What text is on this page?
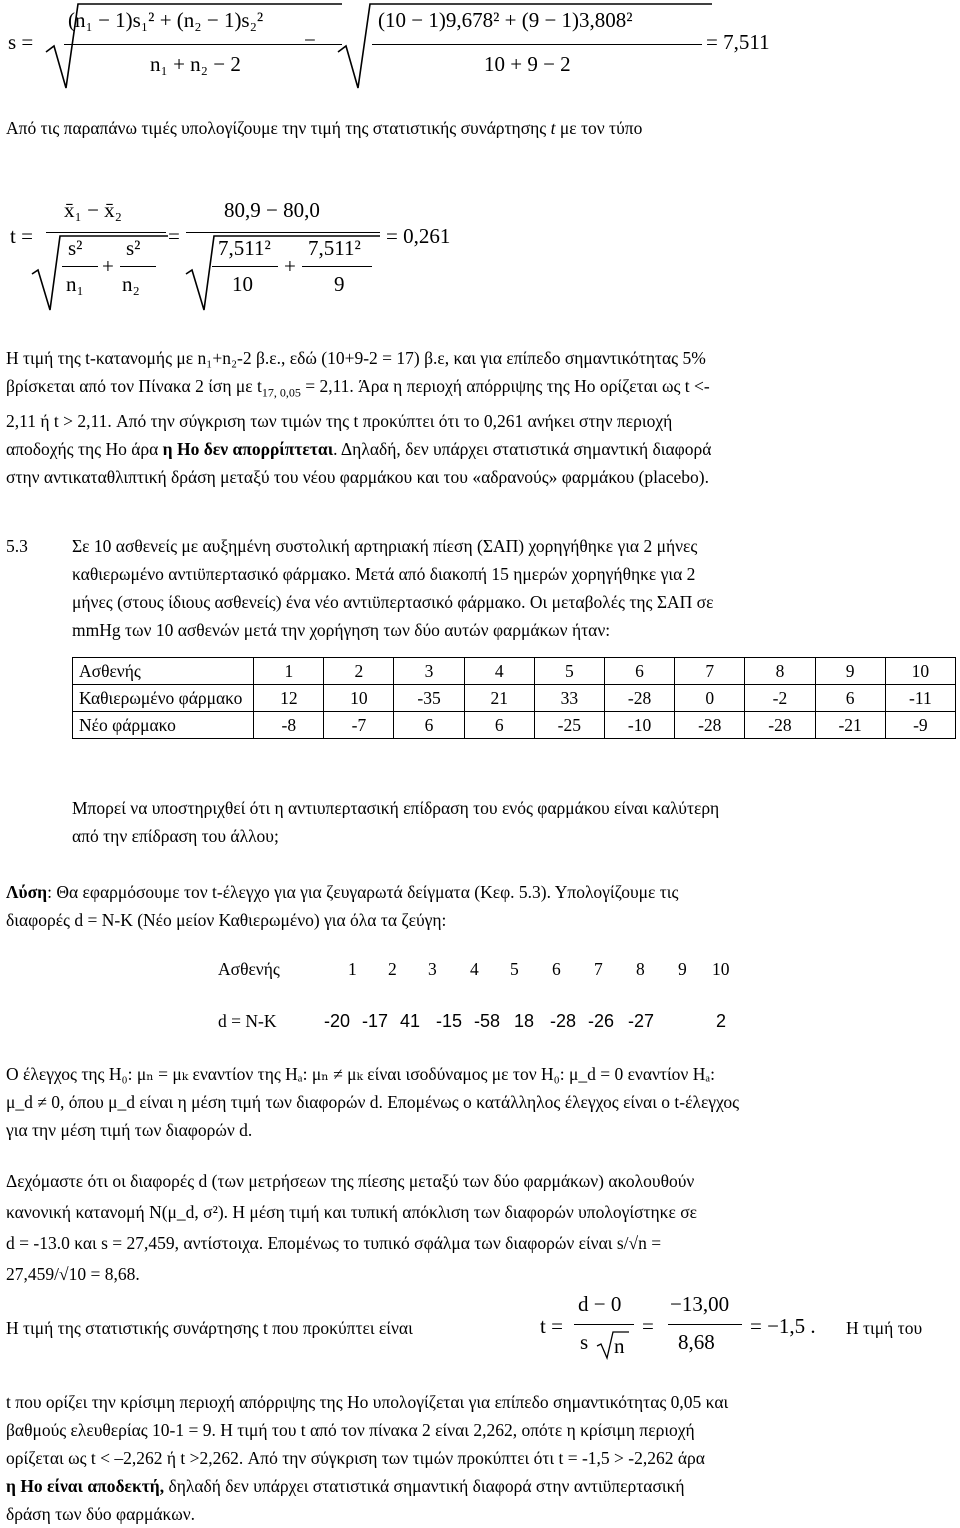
s =
(n₁ − 1)s₁² + (n₂ − 1)s₂²
n₁ + n₂ − 2
=
(10 − 1)9,678² + (9 − 1)3,808²
10 + 9 − 2
= 7,511
Από τις παραπάνω τιμές υπολογίζουμε την τιμή της στατιστικής συνάρτησης t με τον τύπο
t =
x̄₁ − x̄₂
s²
n₁
+
s²
n₂
=
80,9 − 80,0
7,511²
10
+
7,511²
9
= 0,261
Η τιμή της t-κατανομής με n₁+n₂-2 β.ε., εδώ (10+9-2 = 17) β.ε, και για επίπεδο σημαντικότητας 5%
βρίσκεται από τον Πίνακα 2 ίση με $t_{17, 0,05} = 2,11$. Άρα η περιοχή απόρριψης της Ho ορίζεται ως t <-
2,11 ή t > 2,11. Από την σύγκριση των τιμών της t προκύπτει ότι το 0,261 ανήκει στην περιοχή
αποδοχής της Ho άρα η Ho δεν απορρίπτεται. Δηλαδή, δεν υπάρχει στατιστικά σημαντική διαφορά
στην αντικαταθλιπτική δράση μεταξύ του νέου φαρμάκου και του «αδρανούς» φαρμάκου (placebo).
5.3	Σε 10 ασθενείς με αυξημένη συστολική αρτηριακή πίεση (ΣΑΠ) χορηγήθηκε για 2 μήνες
καθιερωμένο αντιϋπερτασικό φάρμακο. Μετά από διακοπή 15 ημερών χορηγήθηκε για 2
μήνες (στους ίδιους ασθενείς) ένα νέο αντιϋπερτασικό φάρμακο. Οι μεταβολές της ΣΑΠ σε
mmHg των 10 ασθενών μετά την χορήγηση των δύο αυτών φαρμάκων ήταν:
Ασθενής	1	2	3	4	5	6	7	8	9	10
Καθιερωμένο φάρμακο	12	10	-35	21	33	-28	0	-2	6	-11
Νέο φάρμακο	-8	-7	6	6	-25	-10	-28	-28	-21	-9
Μπορεί να υποστηριχθεί ότι η αντιυπερτασική επίδραση του ενός φαρμάκου είναι καλύτερη
από την επίδραση του άλλου;
Λύση: Θα εφαρμόσουμε τον t-έλεγχο για για ζευγαρωτά δείγματα (Κεφ. 5.3). Υπολογίζουμε τις
διαφορές d = N-K (Νέο μείον Καθιερωμένο) για όλα τα ζεύγη:
Ασθενής	1 2 3 4 5 6 7 8 9 10
d = N-K	-20 -17 41 -15 -58 18 -28 -26 -27	2
Ο έλεγχος της H₀: μₙ = μₖ εναντίον της Hₐ: μₙ ≠ μₖ είναι ισοδύναμος με τον H₀: μ_d = 0 εναντίον Hₐ:
μ_d ≠ 0, όπου μ_d είναι η μέση τιμή των διαφορών d. Επομένως ο κατάλληλος έλεγχος είναι ο t-έλεγχος
για την μέση τιμή των διαφορών d.
Δεχόμαστε ότι οι διαφορές d (των μετρήσεων της πίεσης μεταξύ των δύο φαρμάκων) ακολουθούν
κανονική κατανομή N(μ_d, σ²). Η μέση τιμή και τυπική απόκλιση των διαφορών υπολογίστηκε σε
d = -13.0 και s = 27,459, αντίστοιχα. Επομένως το τυπικό σφάλμα των διαφορών είναι s/√n =
27,459/√10 = 8,68.
Η τιμή της στατιστικής συνάρτησης t που προκύπτει είναι	t =
d − 0
s n
=
−13,00
8,68
= −1,5 . Η τιμή του
t που ορίζει την κρίσιμη περιοχή απόρριψης της Ho υπολογίζεται για επίπεδο σημαντικότητας 0,05 και
βαθμούς ελευθερίας 10-1 = 9. Η τιμή του t από τον πίνακα 2 είναι 2,262, οπότε η κρίσιμη περιοχή
ορίζεται ως t < –2,262 ή t >2,262. Από την σύγκριση των τιμών προκύπτει ότι t = -1,5 > -2,262 άρα
η Ho είναι αποδεκτή, δηλαδή δεν υπάρχει στατιστικά σημαντική διαφορά στην αντιϋπερτασική
δράση των δύο φαρμάκων.
